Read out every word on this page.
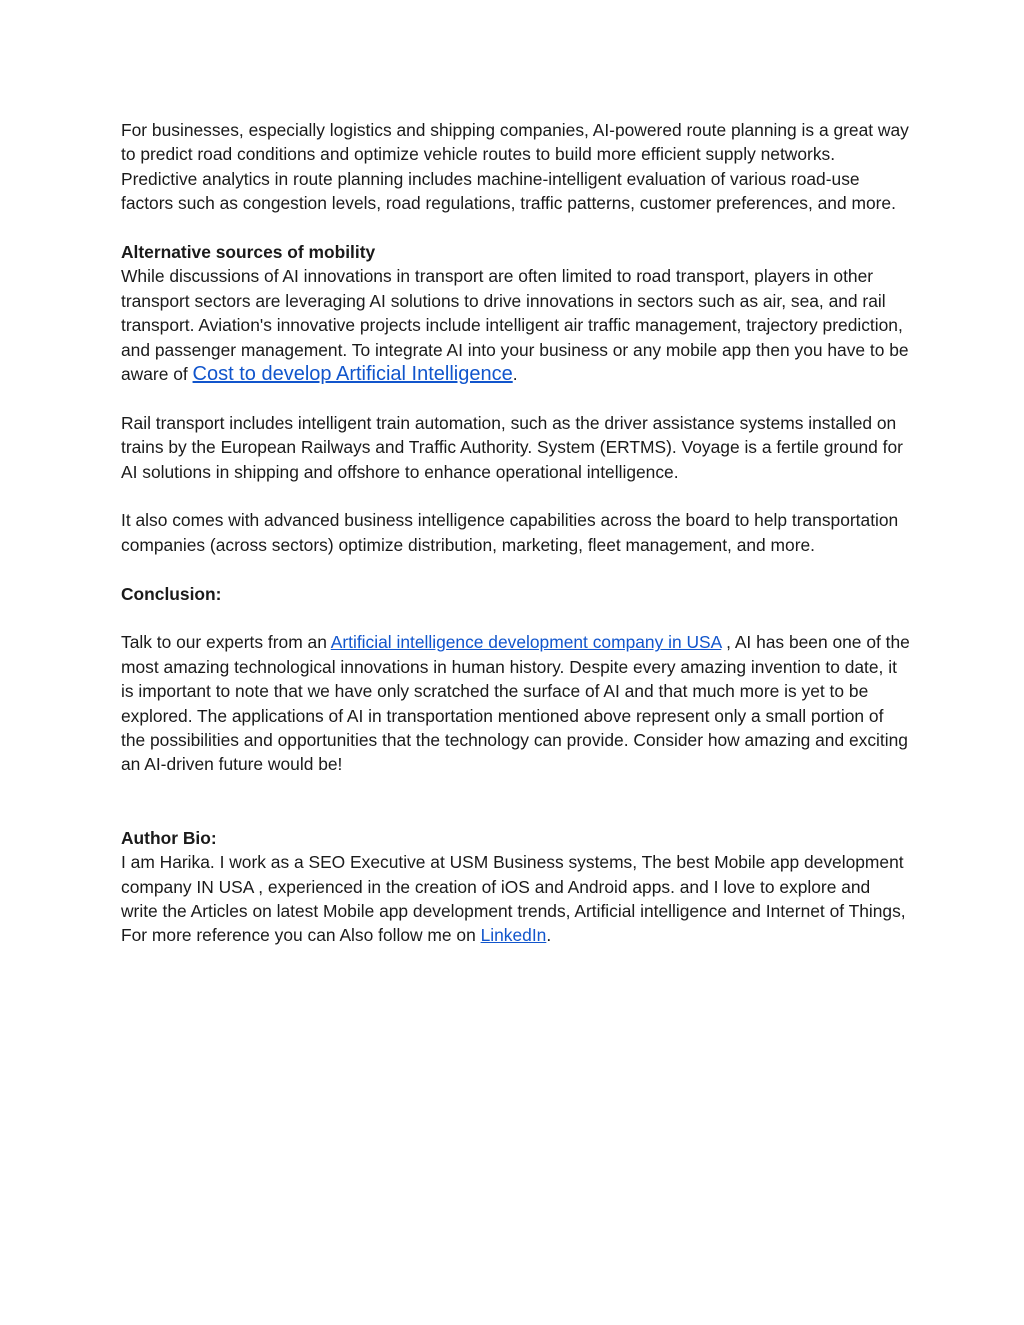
For businesses, especially logistics and shipping companies, AI-powered route planning is a great way to predict road conditions and optimize vehicle routes to build more efficient supply networks. Predictive analytics in route planning includes machine-intelligent evaluation of various road-use factors such as congestion levels, road regulations, traffic patterns, customer preferences, and more.

Alternative sources of mobility

While discussions of AI innovations in transport are often limited to road transport, players in other transport sectors are leveraging AI solutions to drive innovations in sectors such as air, sea, and rail transport. Aviation's innovative projects include intelligent air traffic management, trajectory prediction, and passenger management. To integrate AI into your business or any mobile app then you have to be aware of Cost to develop Artificial Intelligence.

Rail transport includes intelligent train automation, such as the driver assistance systems installed on trains by the European Railways and Traffic Authority. System (ERTMS). Voyage is a fertile ground for AI solutions in shipping and offshore to enhance operational intelligence.

It also comes with advanced business intelligence capabilities across the board to help transportation companies (across sectors) optimize distribution, marketing, fleet management, and more.

Conclusion:

Talk to our experts from an Artificial intelligence development company in USA , AI has been one of the most amazing technological innovations in human history. Despite every amazing invention to date, it is important to note that we have only scratched the surface of AI and that much more is yet to be explored. The applications of AI in transportation mentioned above represent only a small portion of the possibilities and opportunities that the technology can provide. Consider how amazing and exciting an AI-driven future would be!

Author Bio:

I am Harika. I work as a SEO Executive at USM Business systems, The best Mobile app development company IN USA , experienced in the creation of iOS and Android apps. and I love to explore and write the Articles on latest Mobile app development trends, Artificial intelligence and Internet of Things, For more reference you can Also follow me on LinkedIn.
